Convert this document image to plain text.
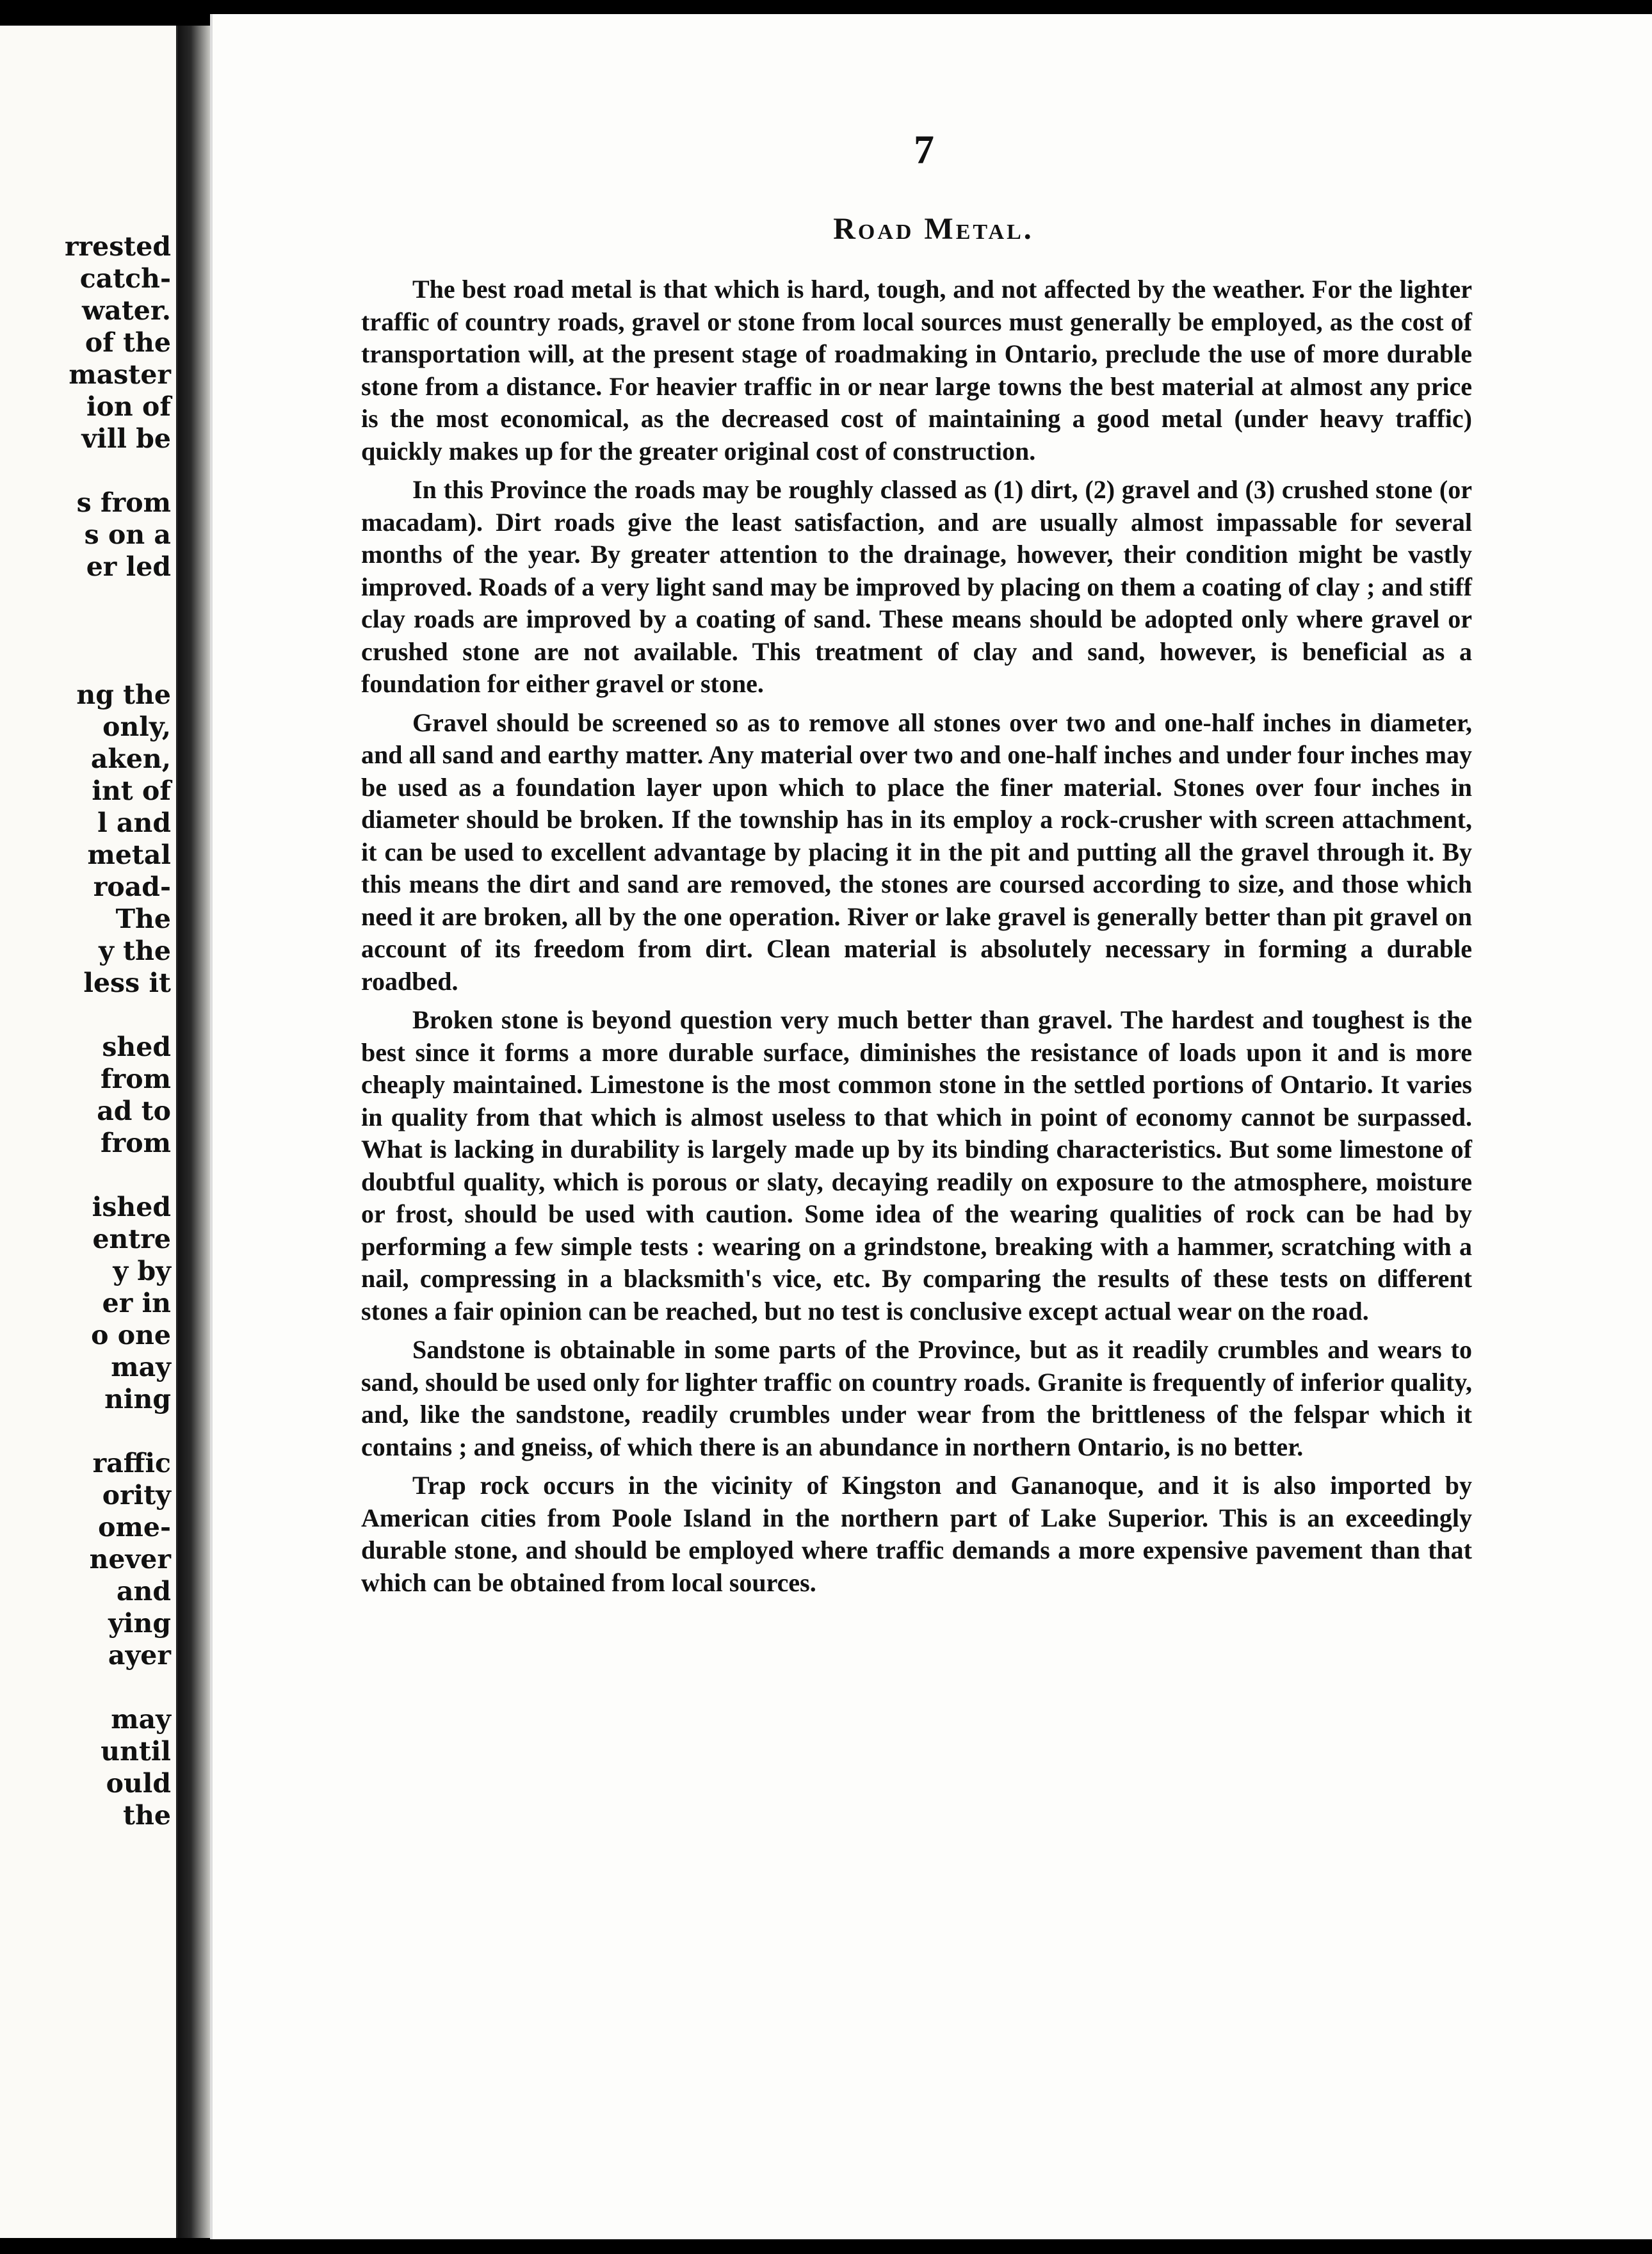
rrested
catch-
water.
of the
master
ion of
vill be

s from
s on a
er led

ng the
only,
aken,
int of
l and
metal
road-
The
y the
less it

shed
from
ad to
from

ished
entre
y by
er in
o one
may
ning

raffic
ority
ome-
never
and
ying
ayer

may
until
ould
the
7
Road Metal.

The best road metal is that which is hard, tough, and not affected by the weather. For the lighter traffic of country roads, gravel or stone from local sources must generally be employed, as the cost of transportation will, at the present stage of roadmaking in Ontario, preclude the use of more durable stone from a distance. For heavier traffic in or near large towns the best material at almost any price is the most economical, as the decreased cost of maintaining a good metal (under heavy traffic) quickly makes up for the greater original cost of construction.

In this Province the roads may be roughly classed as (1) dirt, (2) gravel and (3) crushed stone (or macadam). Dirt roads give the least satisfaction, and are usually almost impassable for several months of the year. By greater attention to the drainage, however, their condition might be vastly improved. Roads of a very light sand may be improved by placing on them a coating of clay ; and stiff clay roads are improved by a coating of sand. These means should be adopted only where gravel or crushed stone are not available. This treatment of clay and sand, however, is beneficial as a foundation for either gravel or stone.

Gravel should be screened so as to remove all stones over two and one-half inches in diameter, and all sand and earthy matter. Any material over two and one-half inches and under four inches may be used as a foundation layer upon which to place the finer material. Stones over four inches in diameter should be broken. If the township has in its employ a rock-crusher with screen attachment, it can be used to excellent advantage by placing it in the pit and putting all the gravel through it. By this means the dirt and sand are removed, the stones are coursed according to size, and those which need it are broken, all by the one operation. River or lake gravel is generally better than pit gravel on account of its freedom from dirt. Clean material is absolutely necessary in forming a durable roadbed.

Broken stone is beyond question very much better than gravel. The hardest and toughest is the best since it forms a more durable surface, diminishes the resistance of loads upon it and is more cheaply maintained. Limestone is the most common stone in the settled portions of Ontario. It varies in quality from that which is almost useless to that which in point of economy cannot be surpassed. What is lacking in durability is largely made up by its binding characteristics. But some limestone of doubtful quality, which is porous or slaty, decaying readily on exposure to the atmosphere, moisture or frost, should be used with caution. Some idea of the wearing qualities of rock can be had by performing a few simple tests : wearing on a grindstone, breaking with a hammer, scratching with a nail, compressing in a blacksmith's vice, etc. By comparing the results of these tests on different stones a fair opinion can be reached, but no test is conclusive except actual wear on the road.

Sandstone is obtainable in some parts of the Province, but as it readily crumbles and wears to sand, should be used only for lighter traffic on country roads. Granite is frequently of inferior quality, and, like the sandstone, readily crumbles under wear from the brittleness of the felspar which it contains ; and gneiss, of which there is an abundance in northern Ontario, is no better.

Trap rock occurs in the vicinity of Kingston and Gananoque, and it is also imported by American cities from Poole Island in the northern part of Lake Superior. This is an exceedingly durable stone, and should be employed where traffic demands a more expensive pavement than that which can be obtained from local sources.
